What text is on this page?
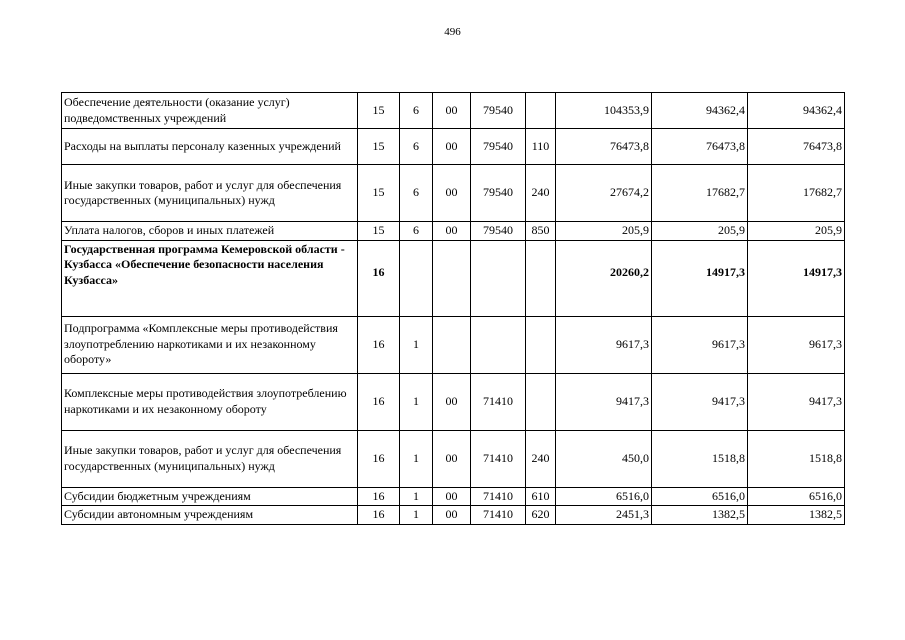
496
Обеспечение деятельности (оказание услуг) подведомственных учреждений	15	6	00	79540		104353,9	94362,4	94362,4
Расходы на выплаты персоналу казенных учреждений	15	6	00	79540	110	76473,8	76473,8	76473,8
Иные закупки товаров, работ и услуг для обеспечения государственных (муниципальных) нужд	15	6	00	79540	240	27674,2	17682,7	17682,7
Уплата налогов, сборов и иных платежей	15	6	00	79540	850	205,9	205,9	205,9
Государственная программа Кемеровской области - Кузбасса «Обеспечение безопасности населения Кузбасса»	16					20260,2	14917,3	14917,3
Подпрограмма «Комплексные меры противодействия злоупотреблению наркотиками и их незаконному обороту»	16	1				9617,3	9617,3	9617,3
Комплексные меры противодействия злоупотреблению наркотиками и их незаконному обороту	16	1	00	71410		9417,3	9417,3	9417,3
Иные закупки товаров, работ и услуг для обеспечения государственных (муниципальных) нужд	16	1	00	71410	240	450,0	1518,8	1518,8
Субсидии бюджетным учреждениям	16	1	00	71410	610	6516,0	6516,0	6516,0
Субсидии автономным учреждениям	16	1	00	71410	620	2451,3	1382,5	1382,5
